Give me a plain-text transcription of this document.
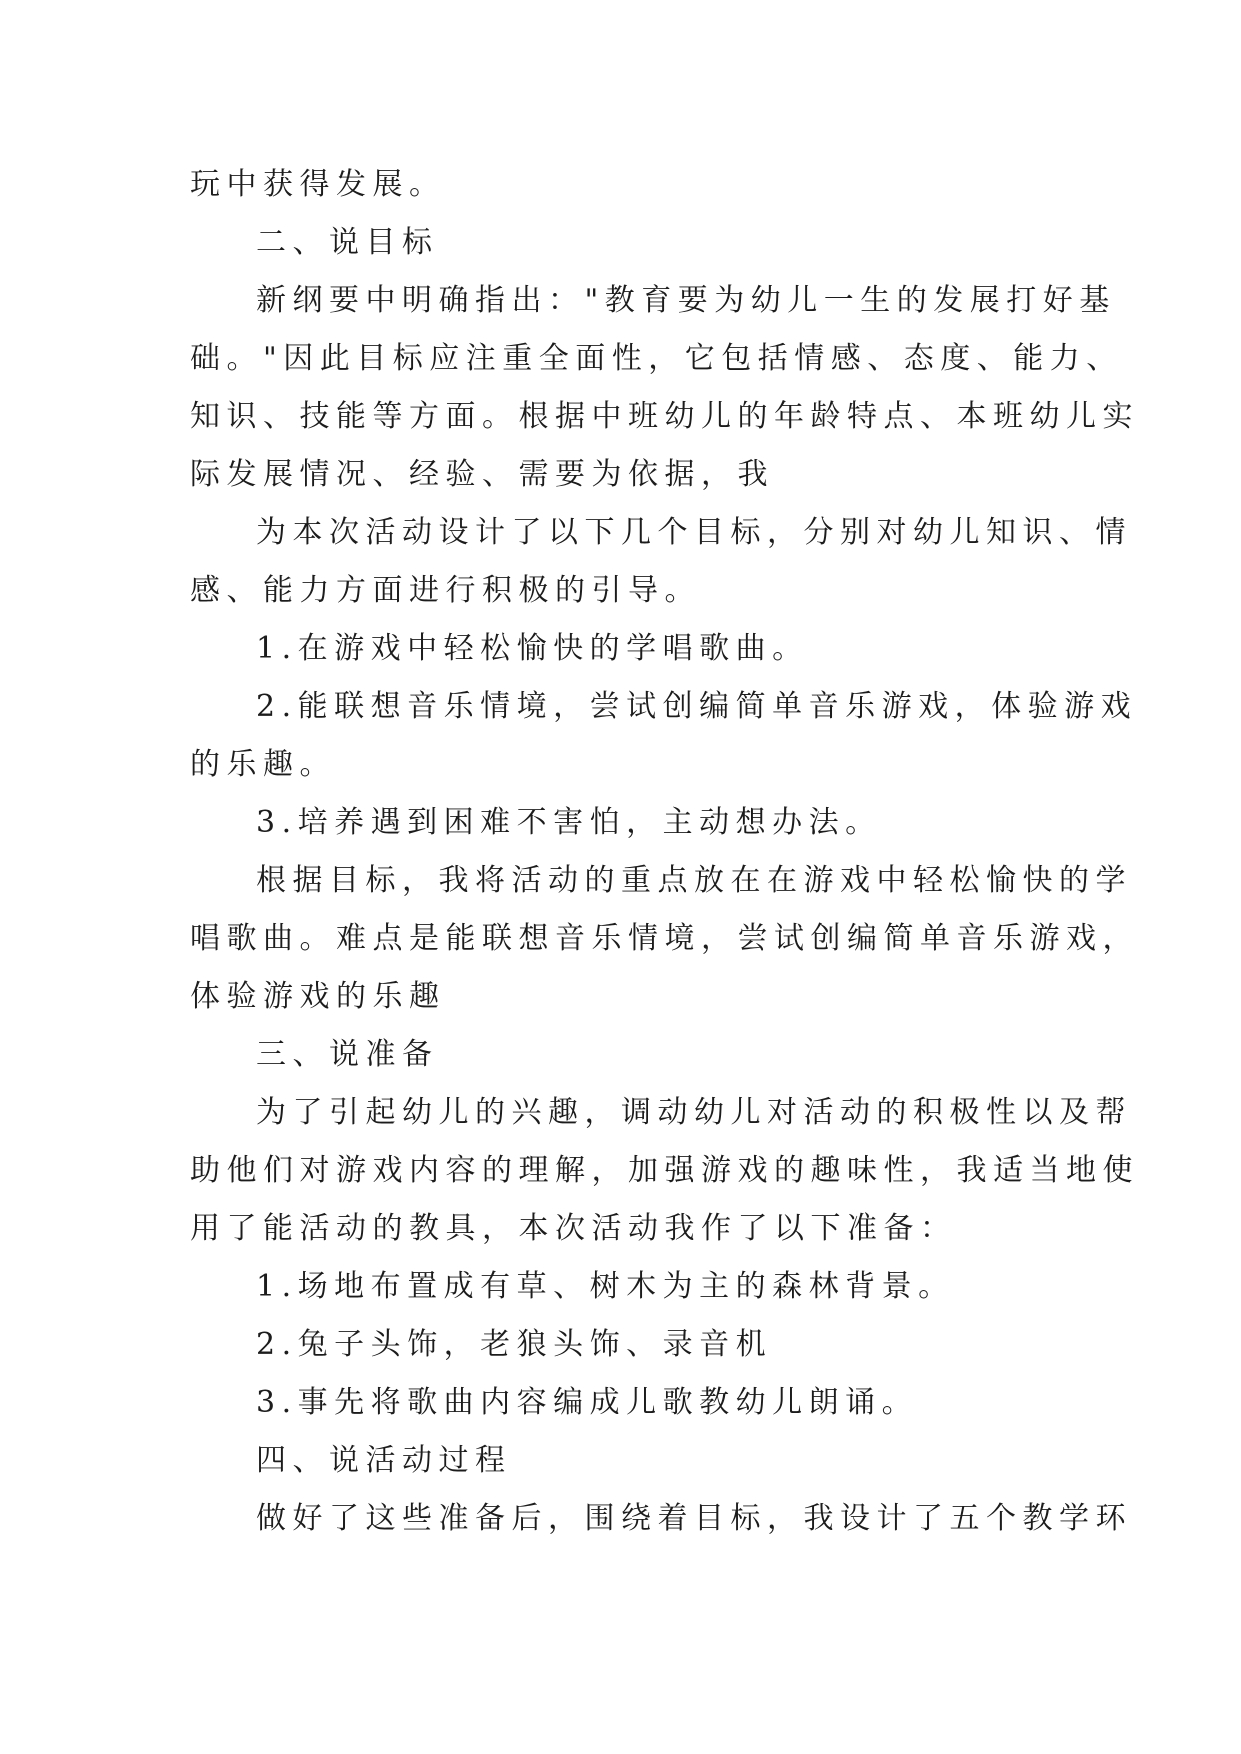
玩中获得发展。

二、说目标

新纲要中明确指出："教育要为幼儿一生的发展打好基

础。"因此目标应注重全面性，它包括情感、态度、能力、

知识、技能等方面。根据中班幼儿的年龄特点、本班幼儿实

际发展情况、经验、需要为依据，我

为本次活动设计了以下几个目标，分别对幼儿知识、情

感、能力方面进行积极的引导。

1.在游戏中轻松愉快的学唱歌曲。

2.能联想音乐情境，尝试创编简单音乐游戏，体验游戏

的乐趣。

3.培养遇到困难不害怕，主动想办法。

根据目标，我将活动的重点放在在游戏中轻松愉快的学

唱歌曲。难点是能联想音乐情境，尝试创编简单音乐游戏，

体验游戏的乐趣

三、说准备

为了引起幼儿的兴趣，调动幼儿对活动的积极性以及帮

助他们对游戏内容的理解，加强游戏的趣味性，我适当地使

用了能活动的教具，本次活动我作了以下准备：

1.场地布置成有草、树木为主的森林背景。

2.兔子头饰，老狼头饰、录音机

3.事先将歌曲内容编成儿歌教幼儿朗诵。

四、说活动过程

做好了这些准备后，围绕着目标，我设计了五个教学环
